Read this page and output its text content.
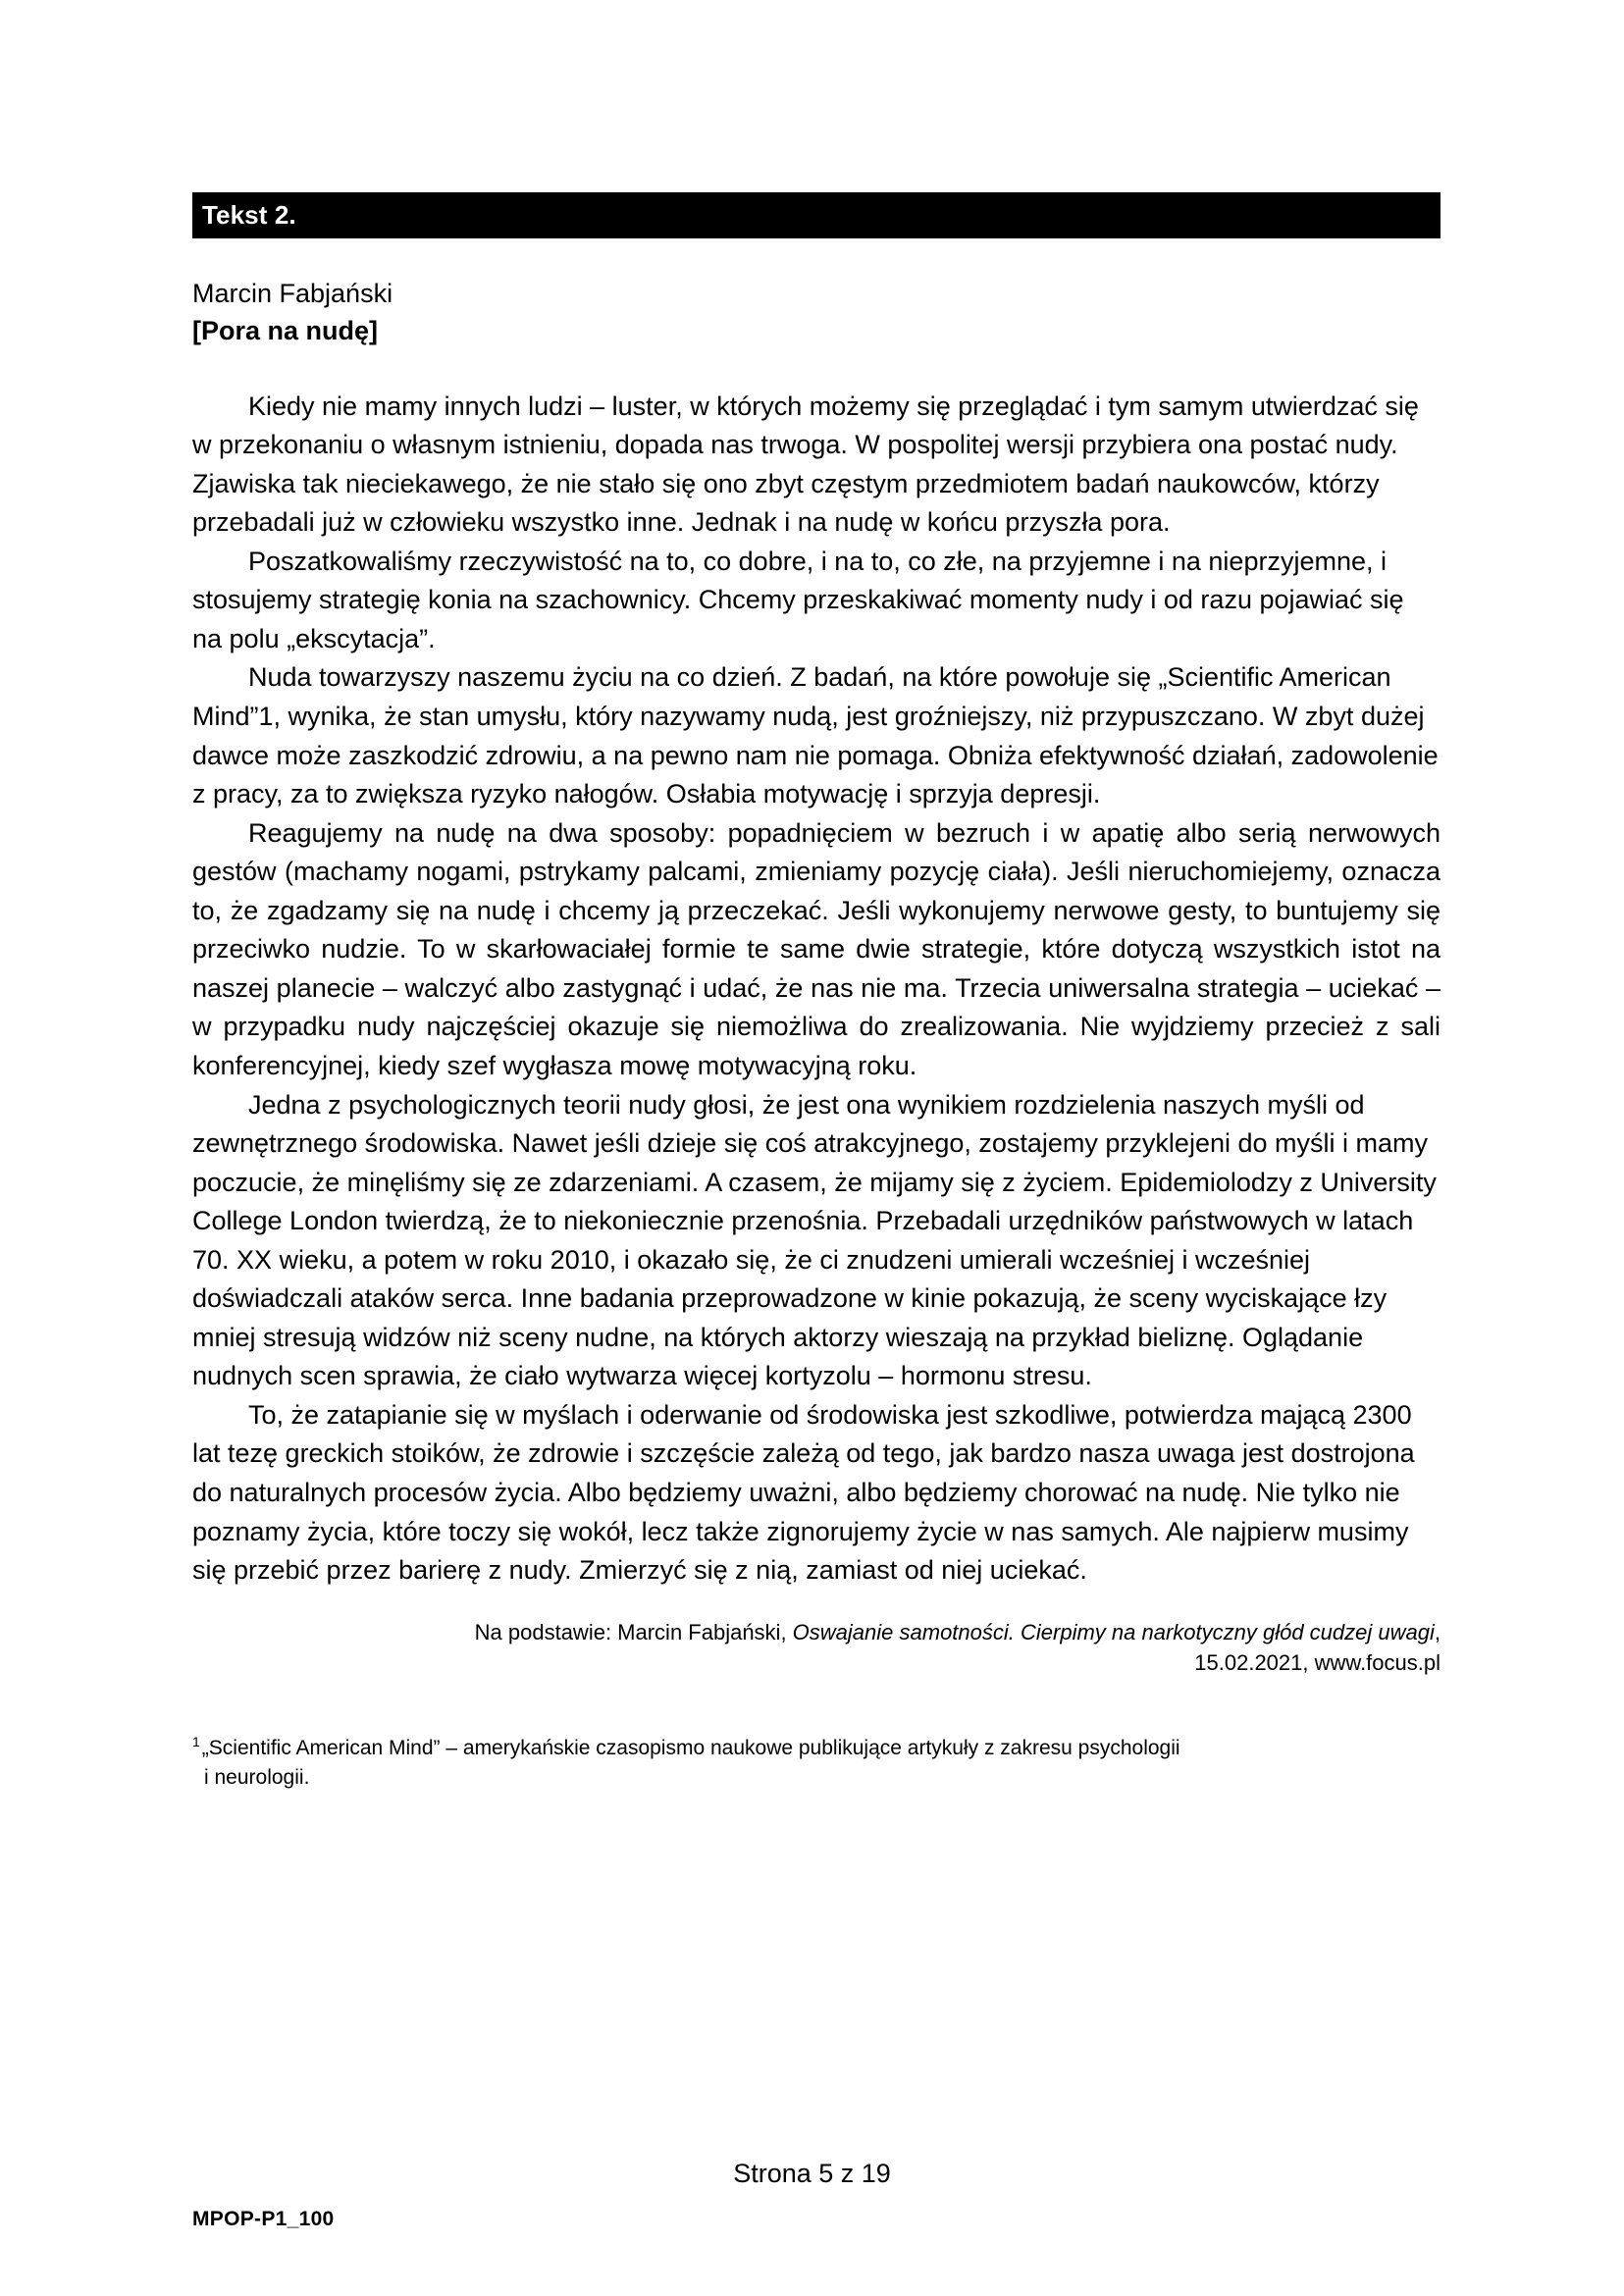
Tekst 2.
Marcin Fabjański
[Pora na nudę]

Kiedy nie mamy innych ludzi – luster, w których możemy się przeglądać i tym samym utwierdzać się w przekonaniu o własnym istnieniu, dopada nas trwoga. W pospolitej wersji przybiera ona postać nudy. Zjawiska tak nieciekawego, że nie stało się ono zbyt częstym przedmiotem badań naukowców, którzy przebadali już w człowieku wszystko inne. Jednak i na nudę w końcu przyszła pora.

Poszatkowaliśmy rzeczywistość na to, co dobre, i na to, co złe, na przyjemne i na nieprzyjemne, i stosujemy strategię konia na szachownicy. Chcemy przeskakiwać momenty nudy i od razu pojawiać się na polu „ekscytacja”.

Nuda towarzyszy naszemu życiu na co dzień. Z badań, na które powołuje się „Scientific American Mind”1, wynika, że stan umysłu, który nazywamy nudą, jest groźniejszy, niż przypuszczano. W zbyt dużej dawce może zaszkodzić zdrowiu, a na pewno nam nie pomaga. Obniża efektywność działań, zadowolenie z pracy, za to zwiększa ryzyko nałogów. Osłabia motywację i sprzyja depresji.

Reagujemy na nudę na dwa sposoby: popadnięciem w bezruch i w apatię albo serią nerwowych gestów (machamy nogami, pstrykamy palcami, zmieniamy pozycję ciała). Jeśli nieruchomiejemy, oznacza to, że zgadzamy się na nudę i chcemy ją przeczekać. Jeśli wykonujemy nerwowe gesty, to buntujemy się przeciwko nudzie. To w skarłowaciałej formie te same dwie strategie, które dotyczą wszystkich istot na naszej planecie – walczyć albo zastygnąć i udać, że nas nie ma. Trzecia uniwersalna strategia – uciekać – w przypadku nudy najczęściej okazuje się niemożliwa do zrealizowania. Nie wyjdziemy przecież z sali konferencyjnej, kiedy szef wygłasza mowę motywacyjną roku.

Jedna z psychologicznych teorii nudy głosi, że jest ona wynikiem rozdzielenia naszych myśli od zewnętrznego środowiska. Nawet jeśli dzieje się coś atrakcyjnego, zostajemy przyklejeni do myśli i mamy poczucie, że minęliśmy się ze zdarzeniami. A czasem, że mijamy się z życiem. Epidemiolodzy z University College London twierdzą, że to niekoniecznie przenośnia. Przebadali urzędników państwowych w latach 70. XX wieku, a potem w roku 2010, i okazało się, że ci znudzeni umierali wcześniej i wcześniej doświadczali ataków serca. Inne badania przeprowadzone w kinie pokazują, że sceny wyciskające łzy mniej stresują widzów niż sceny nudne, na których aktorzy wieszają na przykład bieliznę. Oglądanie nudnych scen sprawia, że ciało wytwarza więcej kortyzolu – hormonu stresu.

To, że zatapianie się w myślach i oderwanie od środowiska jest szkodliwe, potwierdza mającą 2300 lat tezę greckich stoików, że zdrowie i szczęście zależą od tego, jak bardzo nasza uwaga jest dostrojona do naturalnych procesów życia. Albo będziemy uważni, albo będziemy chorować na nudę. Nie tylko nie poznamy życia, które toczy się wokół, lecz także zignorujemy życie w nas samych. Ale najpierw musimy się przebić przez barierę z nudy. Zmierzyć się z nią, zamiast od niej uciekać.

Na podstawie: Marcin Fabjański, Oswajanie samotności. Cierpimy na narkotyczny głód cudzej uwagi,
15.02.2021, www.focus.pl
$^1$„Scientific American Mind” – amerykańskie czasopismo naukowe publikujące artykuły z zakresu psychologii
i neurologii.
Strona 5 z 19
MPOP-P1_100
